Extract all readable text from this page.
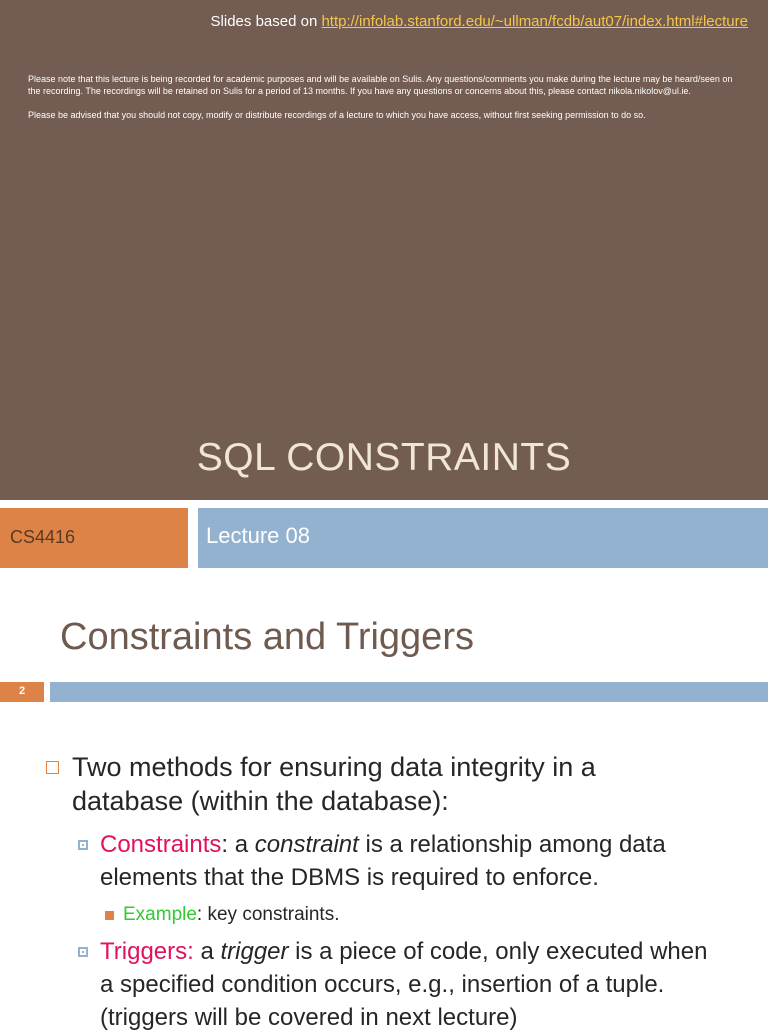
Slides based on http://infolab.stanford.edu/~ullman/fcdb/aut07/index.html#lecture

Please note that this lecture is being recorded for academic purposes and will be available on Sulis. Any questions/comments you make during the lecture may be heard/seen on the recording. The recordings will be retained on Sulis for a period of 13 months. If you have any questions or concerns about this, please contact nikola.nikolov@ul.ie.

Please be advised that you should not copy, modify or distribute recordings of a lecture to which you have access, without first seeking permission to do so.

SQL CONSTRAINTS
CS4416	Lecture 08
Constraints and Triggers
2
Two methods for ensuring data integrity in a database (within the database):
Constraints: a constraint is a relationship among data elements that the DBMS is required to enforce.
Example: key constraints.
Triggers: a trigger is a piece of code, only executed when a specified condition occurs, e.g., insertion of a tuple. (triggers will be covered in next lecture)
